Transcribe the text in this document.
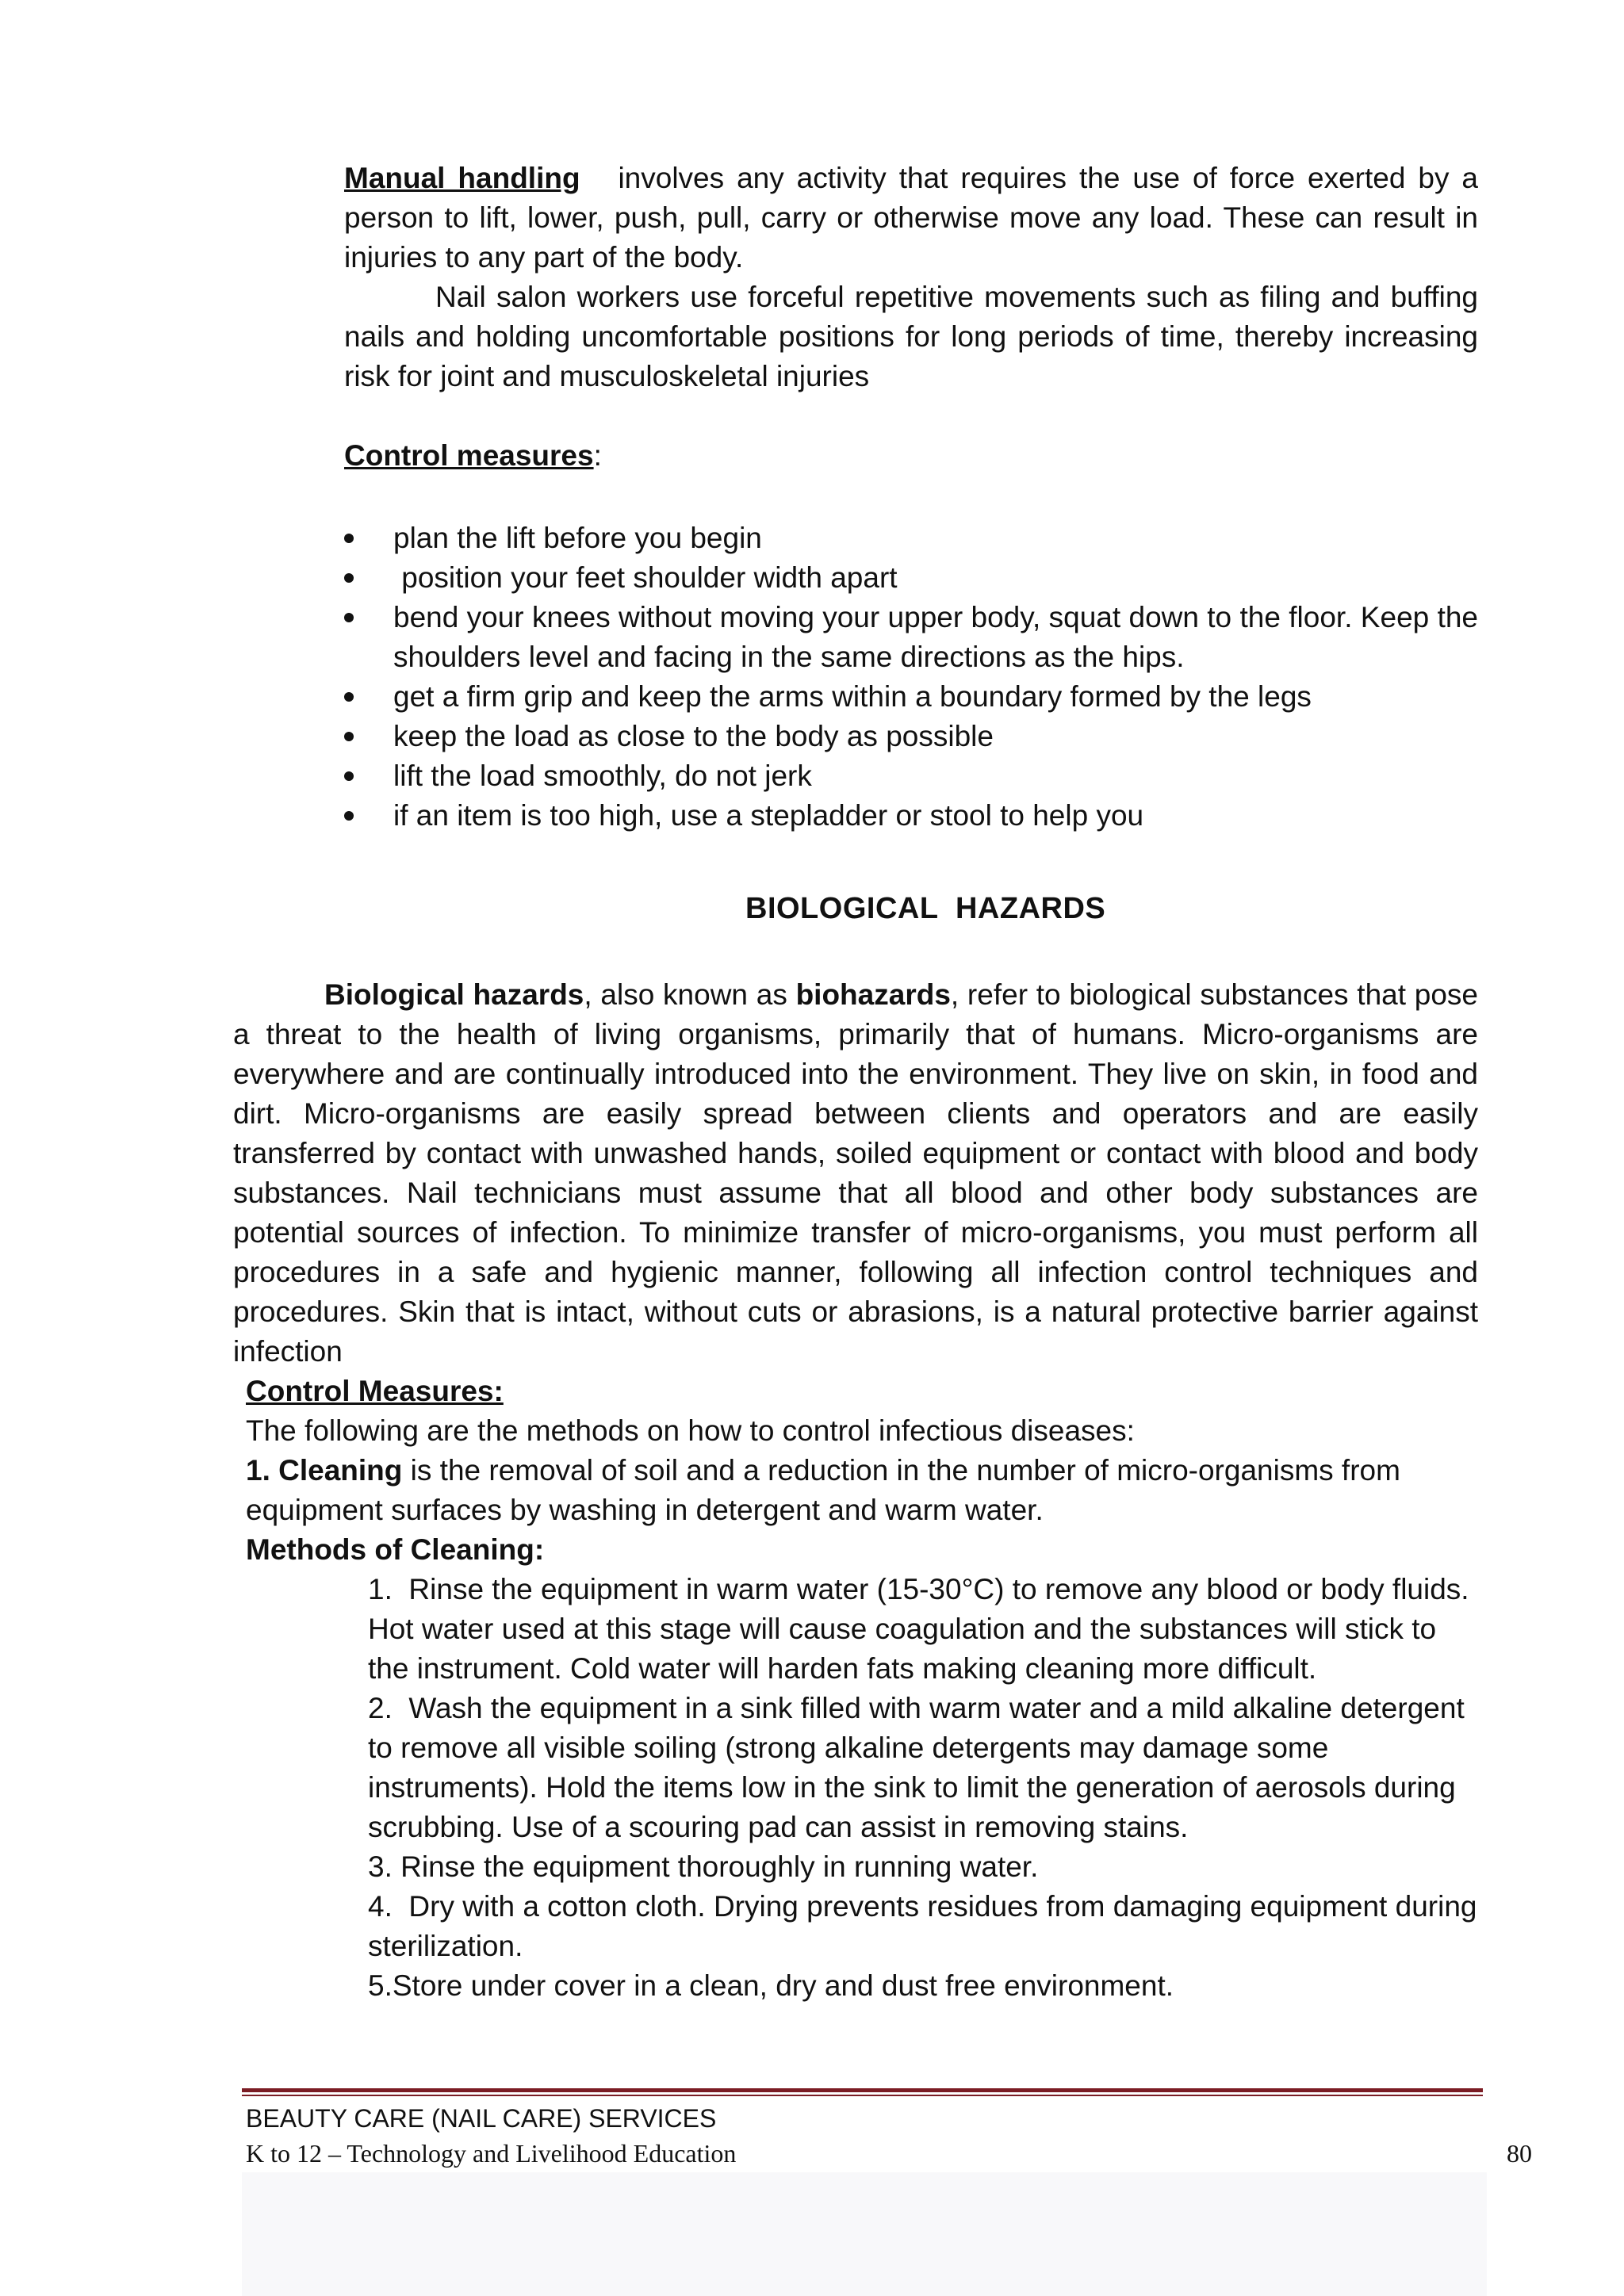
Manual handling involves any activity that requires the use of force exerted by a person to lift, lower, push, pull, carry or otherwise move any load. These can result in injuries to any part of the body.

Nail salon workers use forceful repetitive movements such as filing and buffing nails and holding uncomfortable positions for long periods of time, thereby increasing risk for joint and musculoskeletal injuries

Control measures:
plan the lift before you begin
position your feet shoulder width apart
bend your knees without moving your upper body, squat down to the floor. Keep the shoulders level and facing in the same directions as the hips.
get a firm grip and keep the arms within a boundary formed by the legs
keep the load as close to the body as possible
lift the load smoothly, do not jerk
if an item is too high, use a stepladder or stool to help you
BIOLOGICAL  HAZARDS

Biological hazards, also known as biohazards, refer to biological substances that pose a threat to the health of living organisms, primarily that of humans. Micro-organisms are everywhere and are continually introduced into the environment. They live on skin, in food and dirt. Micro-organisms are easily spread between clients and operators and are easily transferred by contact with unwashed hands, soiled equipment or contact with blood and body substances. Nail technicians must assume that all blood and other body substances are potential sources of infection. To minimize transfer of micro-organisms, you must perform all procedures in a safe and hygienic manner, following all infection control techniques and procedures. Skin that is intact, without cuts or abrasions, is a natural protective barrier against infection

Control Measures:
The following are the methods on how to control infectious diseases:
1. Cleaning is the removal of soil and a reduction in the number of micro-organisms from equipment surfaces by washing in detergent and warm water.
Methods of Cleaning:
1. Rinse the equipment in warm water (15-30°C) to remove any blood or body fluids. Hot water used at this stage will cause coagulation and the substances will stick to the instrument. Cold water will harden fats making cleaning more difficult.
2. Wash the equipment in a sink filled with warm water and a mild alkaline detergent to remove all visible soiling (strong alkaline detergents may damage some instruments). Hold the items low in the sink to limit the generation of aerosols during scrubbing. Use of a scouring pad can assist in removing stains.
3. Rinse the equipment thoroughly in running water.
4. Dry with a cotton cloth. Drying prevents residues from damaging equipment during sterilization.
5.Store under cover in a clean, dry and dust free environment.
BEAUTY CARE (NAIL CARE) SERVICES
K to 12 – Technology and Livelihood Education	80
